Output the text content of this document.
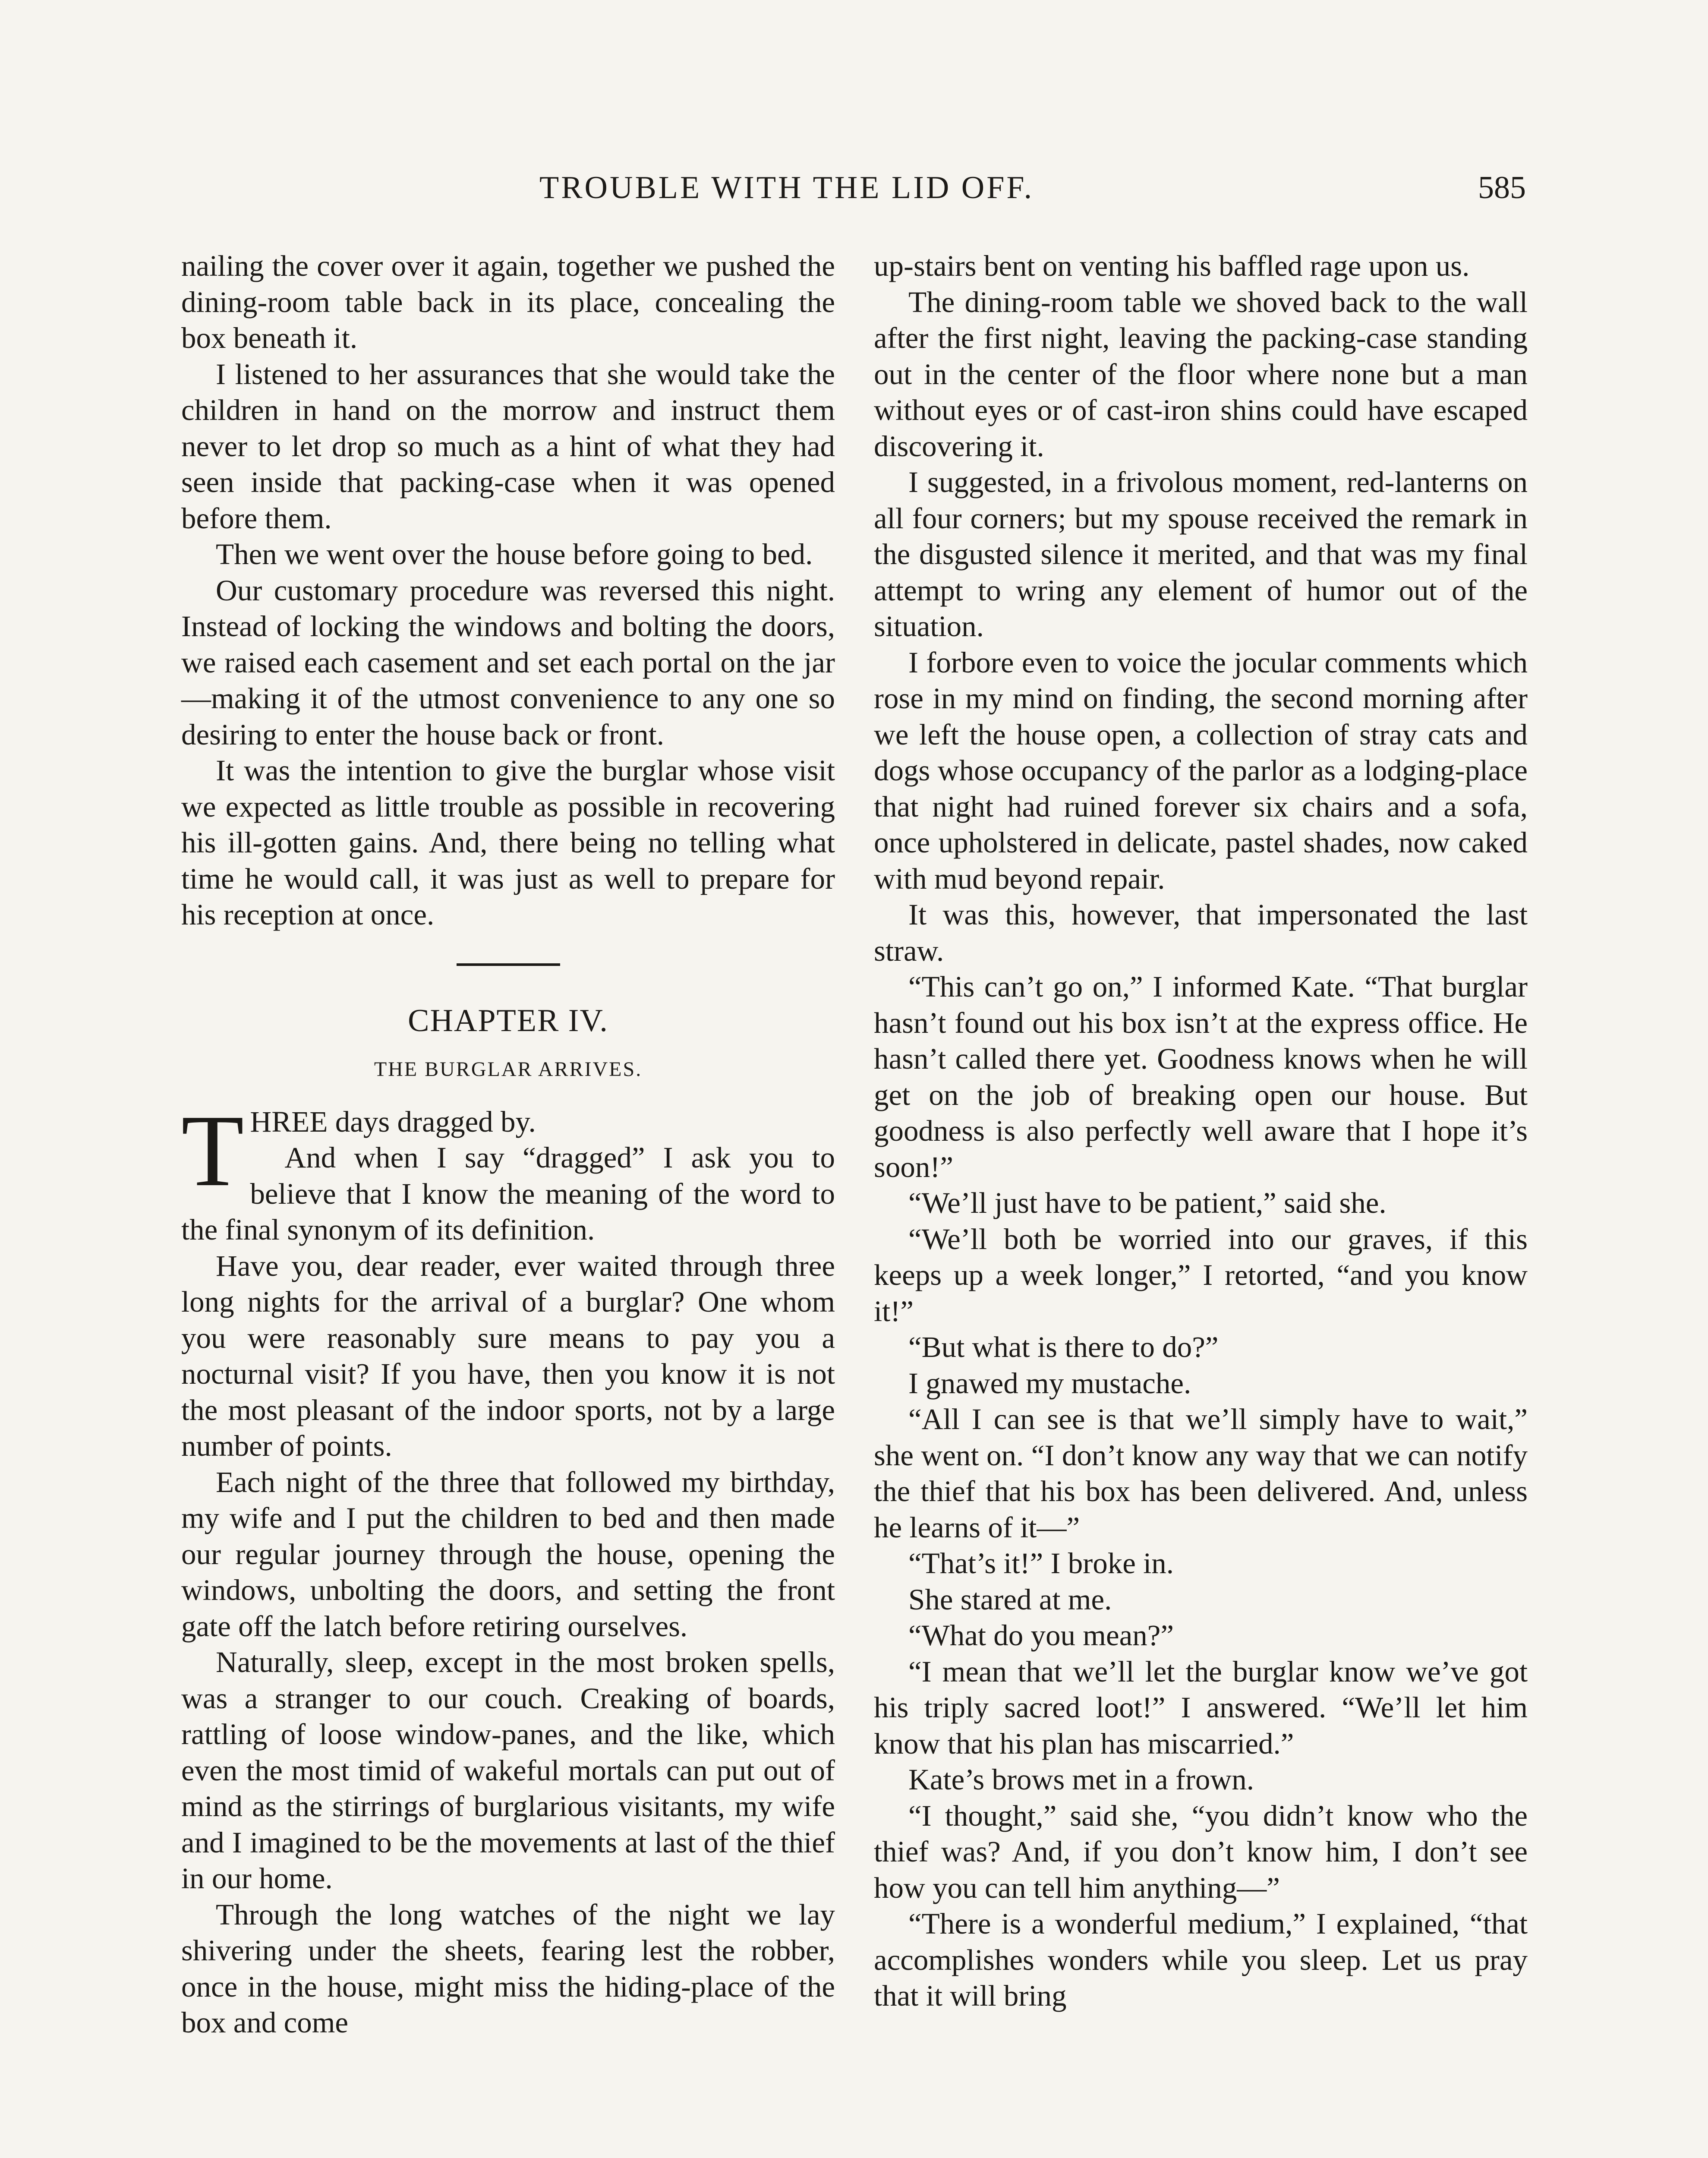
TROUBLE WITH THE LID OFF.	585

nailing the cover over it again, together we pushed the dining-room table back in its place, concealing the box beneath it.

I listened to her assurances that she would take the children in hand on the morrow and instruct them never to let drop so much as a hint of what they had seen inside that packing-case when it was opened before them.

Then we went over the house before going to bed.

Our customary procedure was reversed this night. Instead of locking the windows and bolting the doors, we raised each casement and set each portal on the jar—making it of the utmost convenience to any one so desiring to enter the house back or front.

It was the intention to give the burglar whose visit we expected as little trouble as possible in recovering his ill-gotten gains. And, there being no telling what time he would call, it was just as well to prepare for his reception at once.

CHAPTER IV.
THE BURGLAR ARRIVES.

T HREE days dragged by.
And when I say “dragged” I ask you to believe that I know the meaning of the word to the final synonym of its definition.

Have you, dear reader, ever waited through three long nights for the arrival of a burglar? One whom you were reasonably sure means to pay you a nocturnal visit? If you have, then you know it is not the most pleasant of the indoor sports, not by a large number of points.

Each night of the three that followed my birthday, my wife and I put the children to bed and then made our regular journey through the house, opening the windows, unbolting the doors, and setting the front gate off the latch before retiring ourselves.

Naturally, sleep, except in the most broken spells, was a stranger to our couch. Creaking of boards, rattling of loose window-panes, and the like, which even the most timid of wakeful mortals can put out of mind as the stirrings of burglarious visitants, my wife and I imagined to be the movements at last of the thief in our home.

Through the long watches of the night we lay shivering under the sheets, fearing lest the robber, once in the house, might miss the hiding-place of the box and come

up-stairs bent on venting his baffled rage upon us.

The dining-room table we shoved back to the wall after the first night, leaving the packing-case standing out in the center of the floor where none but a man without eyes or of cast-iron shins could have escaped discovering it.

I suggested, in a frivolous moment, red-lanterns on all four corners; but my spouse received the remark in the disgusted silence it merited, and that was my final attempt to wring any element of humor out of the situation.

I forbore even to voice the jocular comments which rose in my mind on finding, the second morning after we left the house open, a collection of stray cats and dogs whose occupancy of the parlor as a lodging-place that night had ruined forever six chairs and a sofa, once upholstered in delicate, pastel shades, now caked with mud beyond repair.

It was this, however, that impersonated the last straw.

“This can’t go on,” I informed Kate. “That burglar hasn’t found out his box isn’t at the express office. He hasn’t called there yet. Goodness knows when he will get on the job of breaking open our house. But goodness is also perfectly well aware that I hope it’s soon!”

“We’ll just have to be patient,” said she.

“We’ll both be worried into our graves, if this keeps up a week longer,” I retorted, “and you know it!”

“But what is there to do?”

I gnawed my mustache.

“All I can see is that we’ll simply have to wait,” she went on. “I don’t know any way that we can notify the thief that his box has been delivered. And, unless he learns of it—”

“That’s it!” I broke in.

She stared at me.

“What do you mean?”

“I mean that we’ll let the burglar know we’ve got his triply sacred loot!” I answered. “We’ll let him know that his plan has miscarried.”

Kate’s brows met in a frown.

“I thought,” said she, “you didn’t know who the thief was? And, if you don’t know him, I don’t see how you can tell him anything—”

“There is a wonderful medium,” I explained, “that accomplishes wonders while you sleep. Let us pray that it will bring
